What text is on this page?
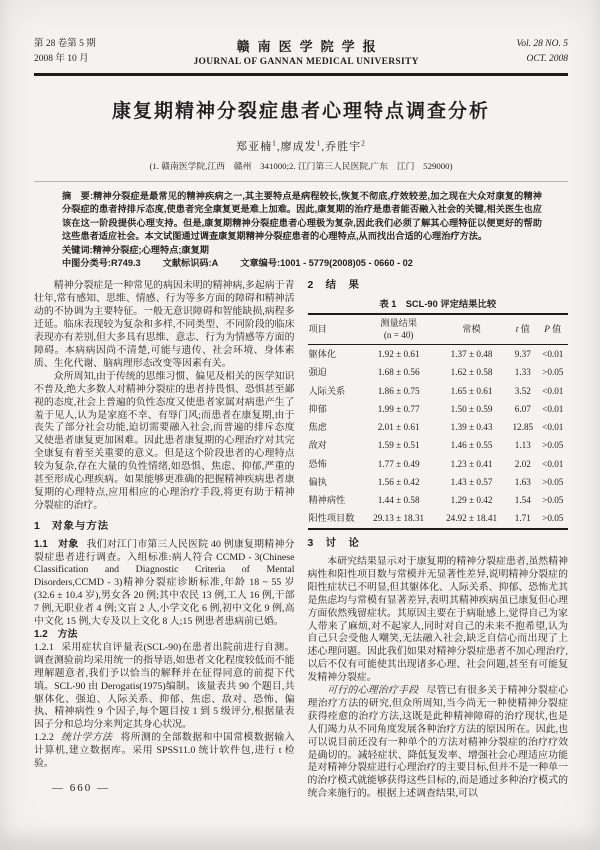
第 28 卷第 5 期
2008 年 10 月
赣南医学院学报
JOURNAL OF GANNAN MEDICAL UNIVERSITY
Vol. 28 NO. 5
OCT. 2008
康复期精神分裂症患者心理特点调查分析
郑亚楠$^1$,廖成发$^1$,乔胜宇$^2$
(1. 赣南医学院,江西　赣州　341000;2. 江门第三人民医院,广东　江门　529000)
摘　要:精神分裂症是最常见的精神疾病之一,其主要特点是病程较长,恢复不彻底,疗效较差,加之现在大众对康复的精神分裂症的患者持排斥态度,使患者完全康复更是难上加难。因此,康复期的治疗是患者能否融入社会的关键,相关医生也应该在这一阶段提供心理支持。但是,康复期精神分裂症患者心理极为复杂,因此我们必须了解其心理特征以便更好的帮助这些患者适应社会。本文试图通过调查康复期精神分裂症患者的心理特点,从而找出合适的心理治疗方法。
关键词:精神分裂症;心理特点;康复期
中图分类号:R749.3 文献标识码:A 文章编号:1001 - 5779(2008)05 - 0660 - 02

精神分裂症是一种常见的病因未明的精神病,多起病于青壮年,常有感知、思维、情感、行为等多方面的障碍和精神活动的不协调为主要特征。一般无意识障碍和智能缺损,病程多迁延。临床表现较为复杂和多样,不同类型、不同阶段的临床表现亦有差别,但大多具有思维、意志、行为为情感等方面的障碍。本病病因尚不清楚,可能与遗传、社会环境、身体素质、生化代谢、脑病理形态改变等因素有关。

众所周知,由于传统的思维习惯、偏见及相关的医学知识不普及,绝大多数人对精神分裂症的患者持畏惧、恐惧甚至鄙视的态度,社会上普遍的负性态度又使患者家属对病患产生了羞于见人,认为是家庭不幸、有辱门风;而患者在康复期,由于丧失了部分社会功能,迫切需要融入社会,而普遍的排斥态度又使患者康复更加困难。因此患者康复期的心理治疗对其完全康复有着至关重要的意义。但是这个阶段患者的心理特点较为复杂,存在大量的负性情绪,如恐惧、焦虑、抑郁,严重的甚至形成心理疾病。如果能够更准确的把握精神疾病患者康复期的心理特点,应用相应的心理治疗手段,将更有助于精神分裂症的治疗。

1　对象与方法

1.1　对象 我们对江门市第三人民医院 40 例康复期精神分裂症患者进行调查。入组标准:病人符合 CCMD - 3(Chinese Classification and Diagnostic Criteria of Mental Disorders,CCMD - 3)精神分裂症诊断标准,年龄 18 ~ 55 岁(32.6 ± 10.4 岁),男女各 20 例;其中农民 13 例,工人 16 例,干部 7 例,无职业者 4 例;文盲 2 人,小学文化 6 例,初中文化 9 例,高中文化 15 例,大专及以上文化 8 人;15 例患者患病前已婚。

1.2　方法

1.2.1 采用症状自评量表(SCL-90)在患者出院前进行自测。调查测验前均采用统一的指导语,如患者文化程度较低而不能理解题意者,我们予以恰当的解释并在征得同意的前提下代填。SCL-90 由 Derogatis(1975)编制。该量表共 90 个题目,共躯体化、强迫、人际关系、抑郁、焦虑、敌对、恐怖、偏执、精神病性 9 个因子,每个题目按 1 到 5 级评分,根据量表因子分和总均分来判定其身心状况。

1.2.2 统计学方法 将所测的全部数据和中国常模数据输入计算机,建立数据库。采用 SPSS11.0 统计软件包,进行 t 检验。

— 660 —
2　结　果
表 1　SCL-90 评定结果比较
项目	测量结果
(n = 40)	常模	t 值	P 值
躯体化	1.92 ± 0.61	1.37 ± 0.48	9.37	<0.01
强迫	1.68 ± 0.56	1.62 ± 0.58	1.33	>0.05
人际关系	1.86 ± 0.75	1.65 ± 0.61	3.52	<0.01
抑郁	1.99 ± 0.77	1.50 ± 0.59	6.07	<0.01
焦虑	2.01 ± 0.61	1.39 ± 0.43	12.85	<0.01
敌对	1.59 ± 0.51	1.46 ± 0.55	1.13	>0.05
恐怖	1.77 ± 0.49	1.23 ± 0.41	2.02	<0.01
偏执	1.56 ± 0.42	1.43 ± 0.57	1.63	>0.05
精神病性	1.44 ± 0.58	1.29 ± 0.42	1.54	>0.05
阳性项目数	29.13 ± 18.31	24.92 ± 18.41	1.71	>0.05
3　讨　论

本研究结果显示对于康复期的精神分裂症患者,虽然精神病性和阳性项目数与常模并无显著性差异,说明精神分裂症的阳性症状已不明显,但其躯体化、人际关系、抑郁、恐怖尤其是焦虑均与常模有显著差异,表明其精神疾病虽已康复但心理方面依然残留症状。其原因主要在于病耻感上,觉得自己为家人带来了麻烦,对不起家人,同时对自己的未来不抱希望,认为自己只会受他人嘲笑,无法融入社会,缺乏自信心而出现了上述心理问题。因此我们如果对精神分裂症患者不加心理治疗,以后不仅有可能使其出现诸多心理、社会问题,甚至有可能复发精神分裂症。

可行的心理治疗手段 尽管已有很多关于精神分裂症心理治疗方法的研究,但众所周知,当今尚无一种使精神分裂症获得痊愈的治疗方法,这既是此种精神障碍的治疗现状,也是人们竭力从不同角度发展各种治疗方法的原因所在。因此,也可以说目前还没有一种单个的方法对精神分裂症的治疗疗效是确切的。减轻症状、降低复发率、增强社会心理适应功能是对精神分裂症进行心理治疗的主要目标,但并不是一种单一的治疗模式就能够获得这些目标的,而是通过多种治疗模式的统合来施行的。根据上述调查结果,可以
